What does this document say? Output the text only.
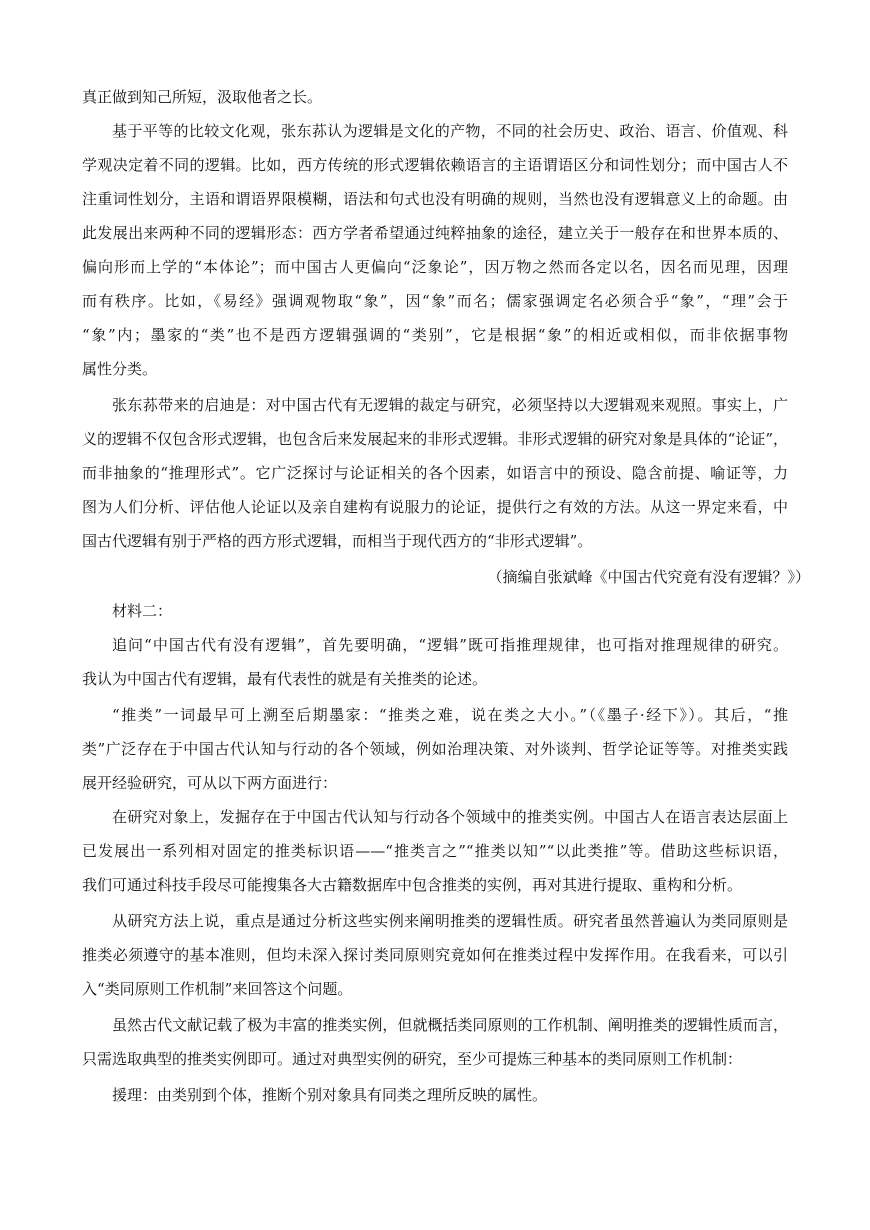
真正做到知己所短，汲取他者之长。
基于平等的比较文化观，张东荪认为逻辑是文化的产物，不同的社会历史、政治、语言、价值观、科
学观决定着不同的逻辑。比如，西方传统的形式逻辑依赖语言的主语谓语区分和词性划分；而中国古人不
注重词性划分，主语和谓语界限模糊，语法和句式也没有明确的规则，当然也没有逻辑意义上的命题。由
此发展出来两种不同的逻辑形态：西方学者希望通过纯粹抽象的途径，建立关于一般存在和世界本质的、
偏向形而上学的“本体论”；而中国古人更偏向“泛象论”，因万物之然而各定以名，因名而见理，因理
而有秩序。比如，《易经》强调观物取“象”，因“象”而名；儒家强调定名必须合乎“象”，“理”会于
“象”内；墨家的“类”也不是西方逻辑强调的“类别”，它是根据“象”的相近或相似，而非依据事物
属性分类。
张东荪带来的启迪是：对中国古代有无逻辑的裁定与研究，必须坚持以大逻辑观来观照。事实上，广
义的逻辑不仅包含形式逻辑，也包含后来发展起来的非形式逻辑。非形式逻辑的研究对象是具体的“论证”，
而非抽象的“推理形式”。它广泛探讨与论证相关的各个因素，如语言中的预设、隐含前提、喻证等，力
图为人们分析、评估他人论证以及亲自建构有说服力的论证，提供行之有效的方法。从这一界定来看，中
国古代逻辑有别于严格的西方形式逻辑，而相当于现代西方的“非形式逻辑”。
（摘编自张斌峰《中国古代究竟有没有逻辑？》）
材料二：
追问“中国古代有没有逻辑”，首先要明确，“逻辑”既可指推理规律，也可指对推理规律的研究。
我认为中国古代有逻辑，最有代表性的就是有关推类的论述。
“推类”一词最早可上溯至后期墨家：“推类之难，说在类之大小。”（《墨子·经下》）。其后，“推
类”广泛存在于中国古代认知与行动的各个领域，例如治理决策、对外谈判、哲学论证等等。对推类实践
展开经验研究，可从以下两方面进行：
在研究对象上，发掘存在于中国古代认知与行动各个领域中的推类实例。中国古人在语言表达层面上
已发展出一系列相对固定的推类标识语——“推类言之”“推类以知”“以此类推”等。借助这些标识语，
我们可通过科技手段尽可能搜集各大古籍数据库中包含推类的实例，再对其进行提取、重构和分析。
从研究方法上说，重点是通过分析这些实例来阐明推类的逻辑性质。研究者虽然普遍认为类同原则是
推类必须遵守的基本准则，但均未深入探讨类同原则究竟如何在推类过程中发挥作用。在我看来，可以引
入“类同原则工作机制”来回答这个问题。
虽然古代文献记载了极为丰富的推类实例，但就概括类同原则的工作机制、阐明推类的逻辑性质而言，
只需选取典型的推类实例即可。通过对典型实例的研究，至少可提炼三种基本的类同原则工作机制：
援理：由类别到个体，推断个别对象具有同类之理所反映的属性。
